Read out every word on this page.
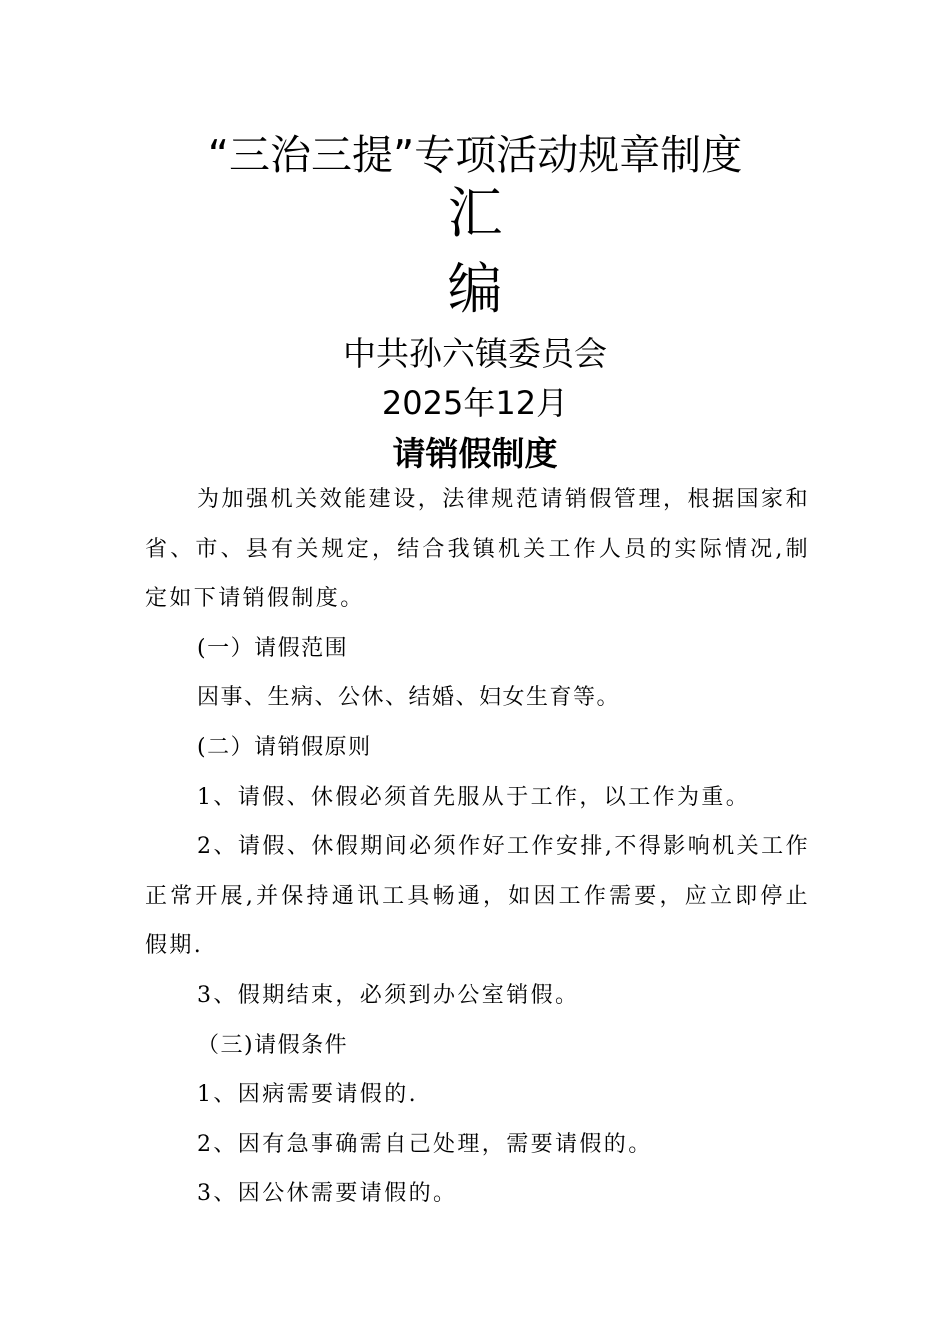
“三治三提”专项活动规章制度
汇
编
中共孙六镇委员会
2025年12月
请销假制度

为加强机关效能建设，法律规范请销假管理，根据国家和省、市、县有关规定，结合我镇机关工作人员的实际情况,制定如下请销假制度。

(一）请假范围

因事、生病、公休、结婚、妇女生育等。

(二）请销假原则

1、请假、休假必须首先服从于工作，以工作为重。

2、请假、休假期间必须作好工作安排,不得影响机关工作正常开展,并保持通讯工具畅通，如因工作需要，应立即停止假期.

3、假期结束，必须到办公室销假。

（三)请假条件

1、因病需要请假的.

2、因有急事确需自己处理，需要请假的。

3、因公休需要请假的。
